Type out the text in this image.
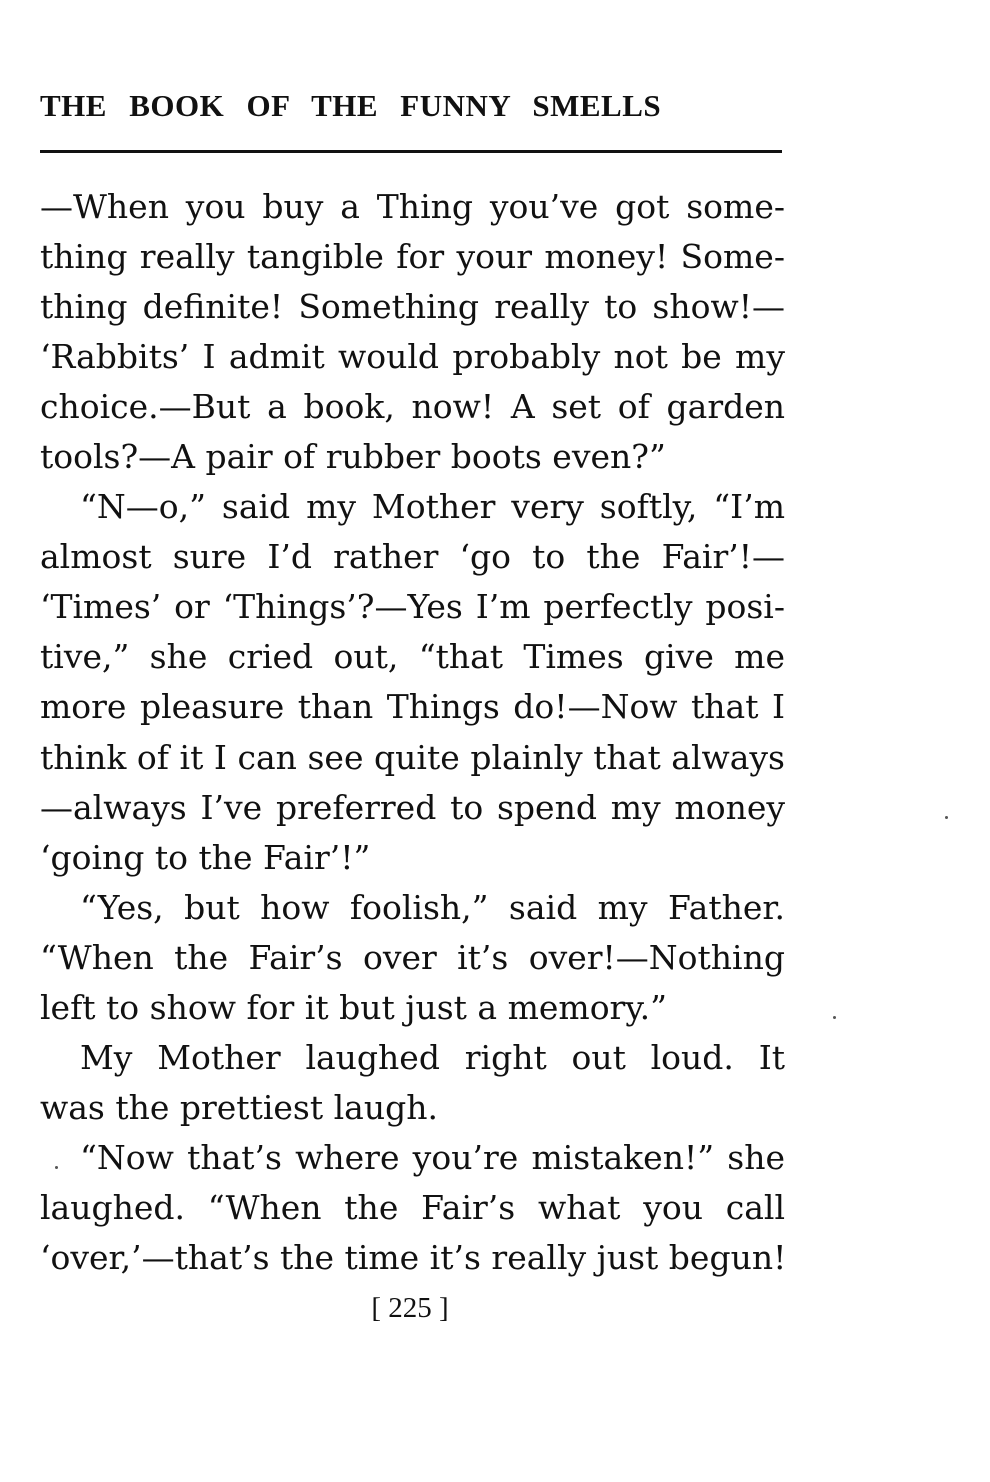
THE BOOK OF THE FUNNY SMELLS
—When you buy a Thing you’ve got some-
thing really tangible for your money! Some-
thing definite! Something really to show!—
‘Rabbits’ I admit would probably not be my
choice.—But a book, now! A set of garden
tools?—A pair of rubber boots even?”
“N—o,” said my Mother very softly, “I’m
almost sure I’d rather ‘go to the Fair’!—
‘Times’ or ‘Things’?—Yes I’m perfectly posi-
tive,” she cried out, “that Times give me
more pleasure than Things do!—Now that I
think of it I can see quite plainly that always
—always I’ve preferred to spend my money
‘going to the Fair’!”
“Yes, but how foolish,” said my Father.
“When the Fair’s over it’s over!—Nothing
left to show for it but just a memory.”
My Mother laughed right out loud. It
was the prettiest laugh.
“Now that’s where you’re mistaken!” she
laughed. “When the Fair’s what you call
‘over,’—that’s the time it’s really just begun!
[ 225 ]
